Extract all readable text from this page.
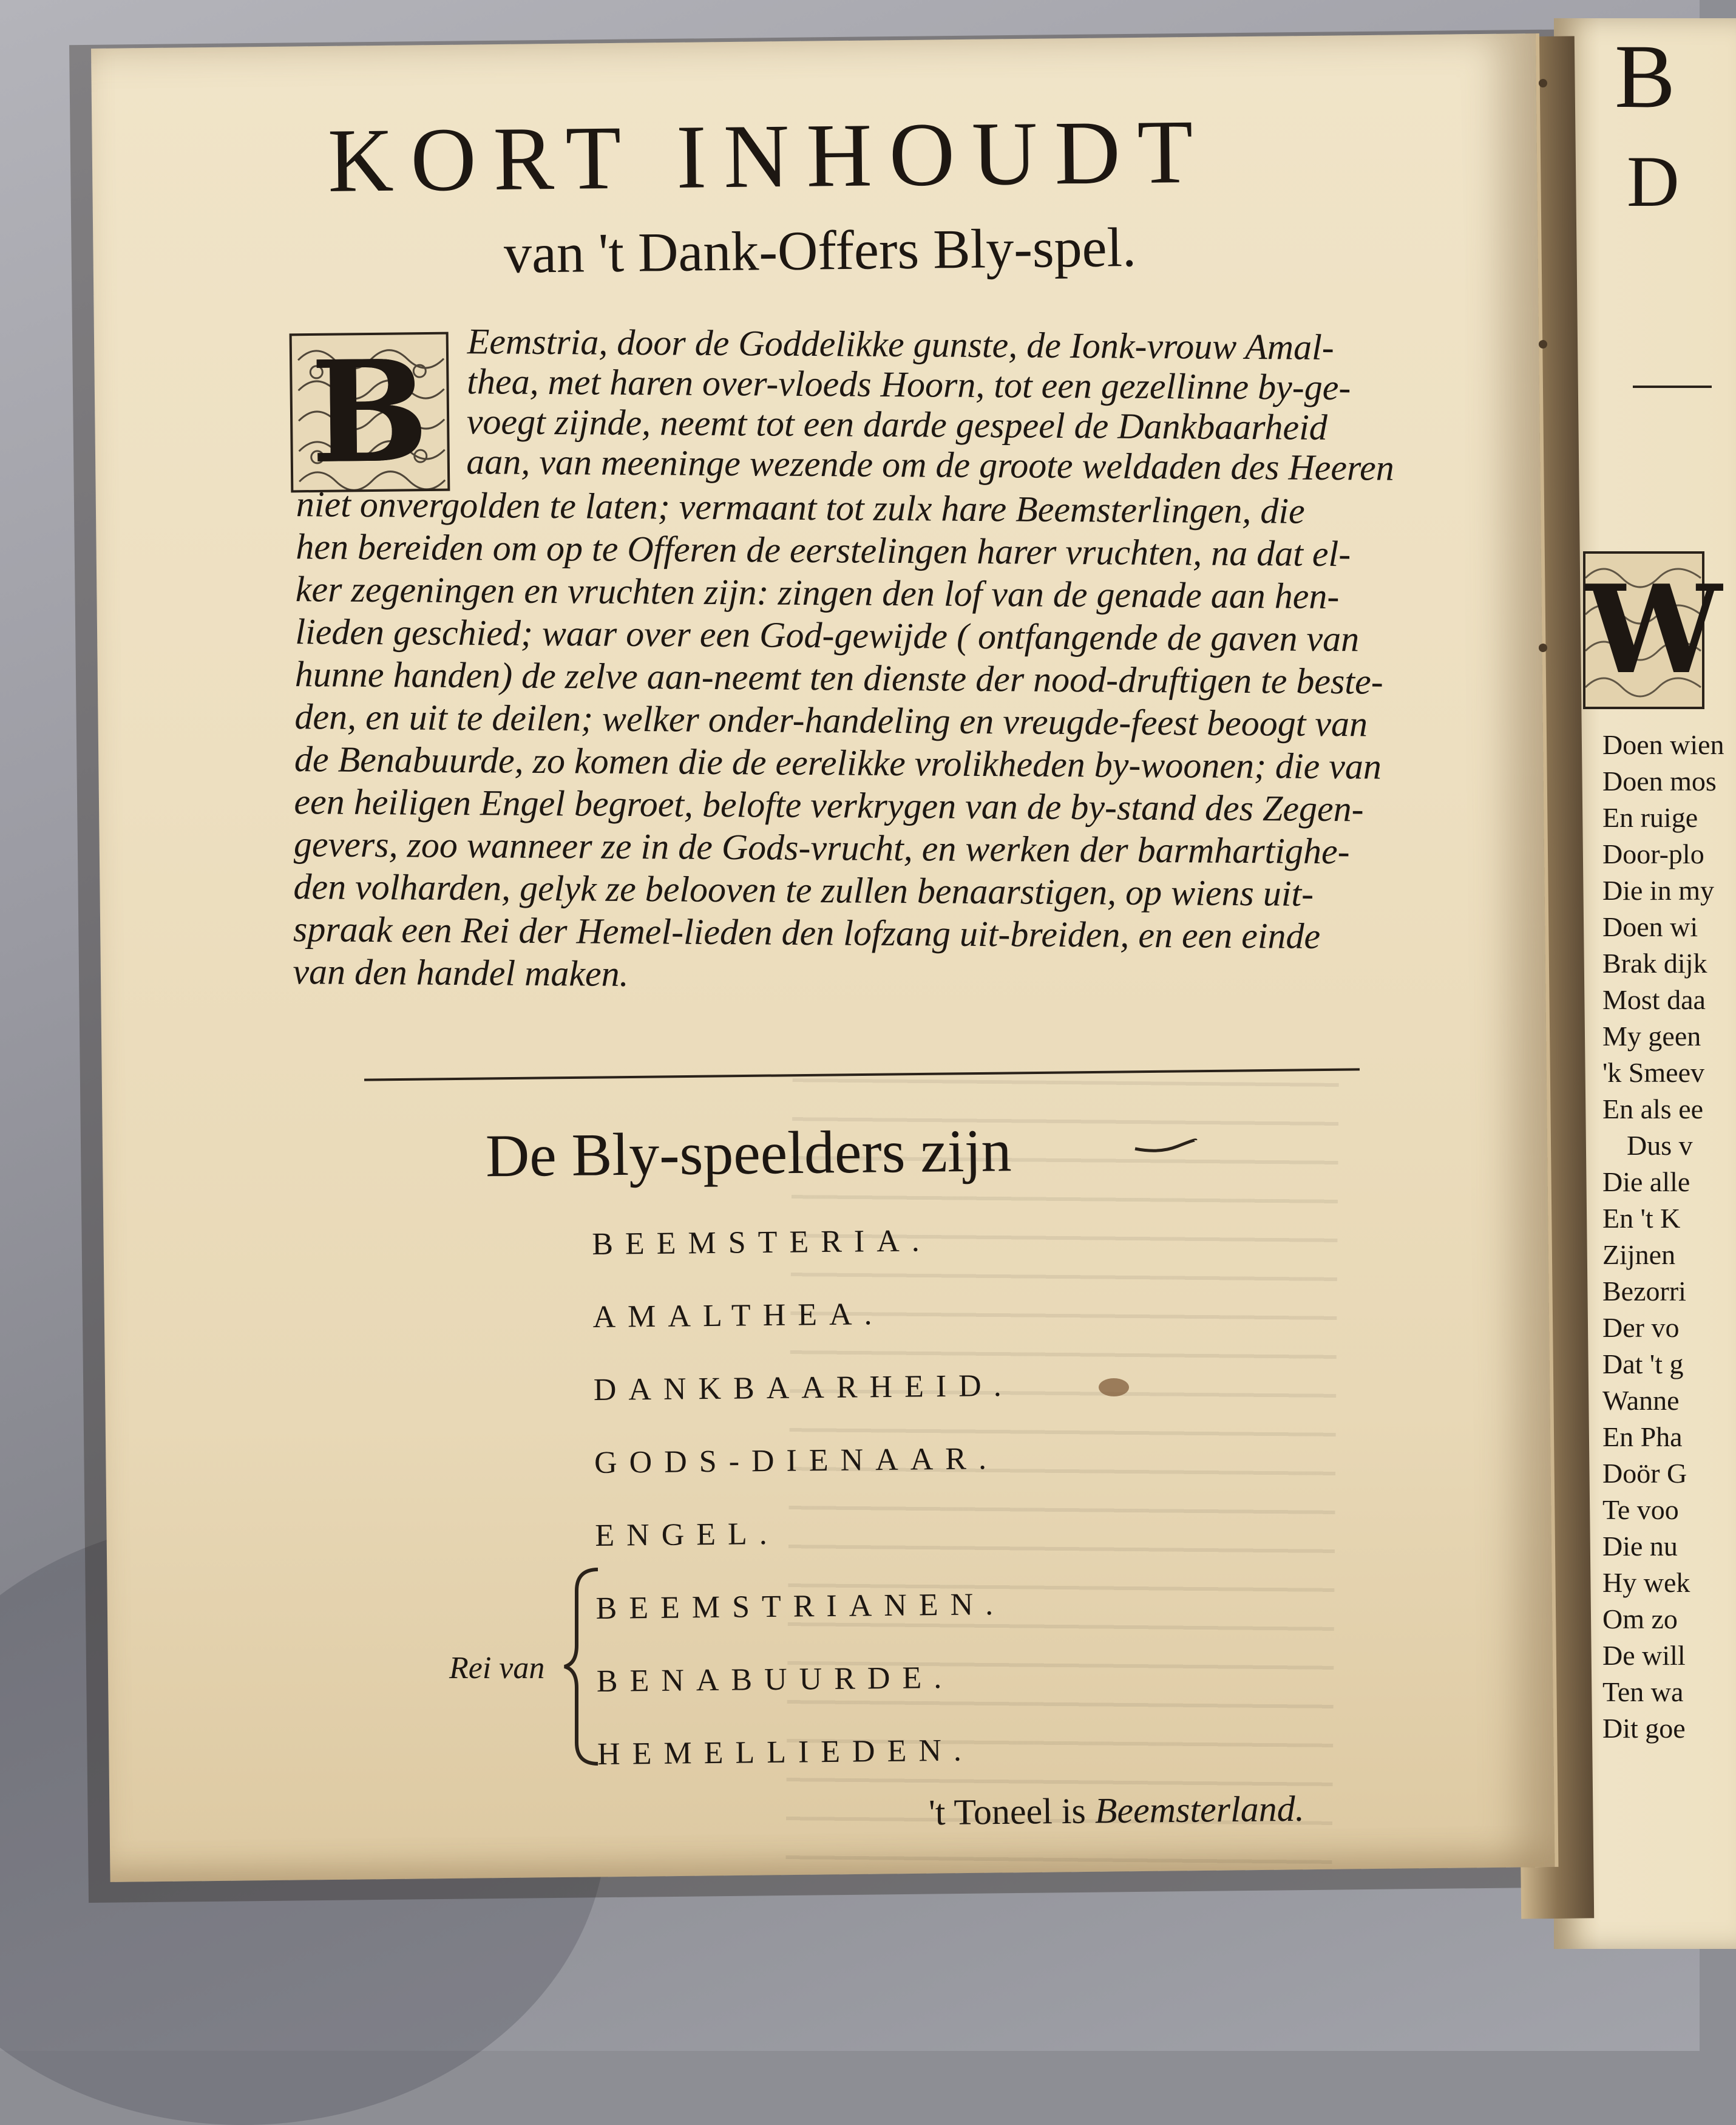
KORT INHOUDT
van 't Dank-Offers Bly-spel.
B	Eemstria, door de Goddelikke gunste, de Ionk-vrouw Amal-
thea, met haren over-vloeds Hoorn, tot een gezellinne by-ge-
voegt zijnde, neemt tot een darde gespeel de Dankbaarheid
aan, van meeninge wezende om de groote weldaden des Heeren
niet onvergolden te laten; vermaant tot zulx hare Beemsterlingen, die
hen bereiden om op te Offeren de eerstelingen harer vruchten, na dat el-
ker zegeningen en vruchten zijn: zingen den lof van de genade aan hen-
lieden geschied; waar over een God-gewijde ( ontfangende de gaven van
hunne handen) de zelve aan-neemt ten dienste der nood-druftigen te beste-
den, en uit te deilen; welker onder-handeling en vreugde-feest beoogt van
de Benabuurde, zo komen die de eerelikke vrolikheden by-woonen; die van
een heiligen Engel begroet, belofte verkrygen van de by-stand des Zegen-
gevers, zoo wanneer ze in de Gods-vrucht, en werken der barmhartighe-
den volharden, gelyk ze belooven te zullen benaarstigen, op wiens uit-
spraak een Rei der Hemel-lieden den lofzang uit-breiden, en een einde
van den handel maken.
De Bly-speelders zijn
BEEMSTERIA.
AMALTHEA.
DANKBAARHEID.
GODS-DIENAAR.
ENGEL.
BEEMSTRIANEN.
BENABUURDE.
HEMELLIEDEN.
Rei van
't Toneel is Beemsterland.
B
D
W
Doen wien
Doen mos
En ruige
Door-plo
Die in my
Doen wi
Brak dijk
Most daa
My geen
'k Smeev
En als ee
Dus v
Die alle
En 't K
Zijnen
Bezorri
Der vo
Dat 't g
Wanne
En Pha
Doör G
Te voo
Die nu
Hy wek
Om zo
De will
Ten wa
Dit goe
